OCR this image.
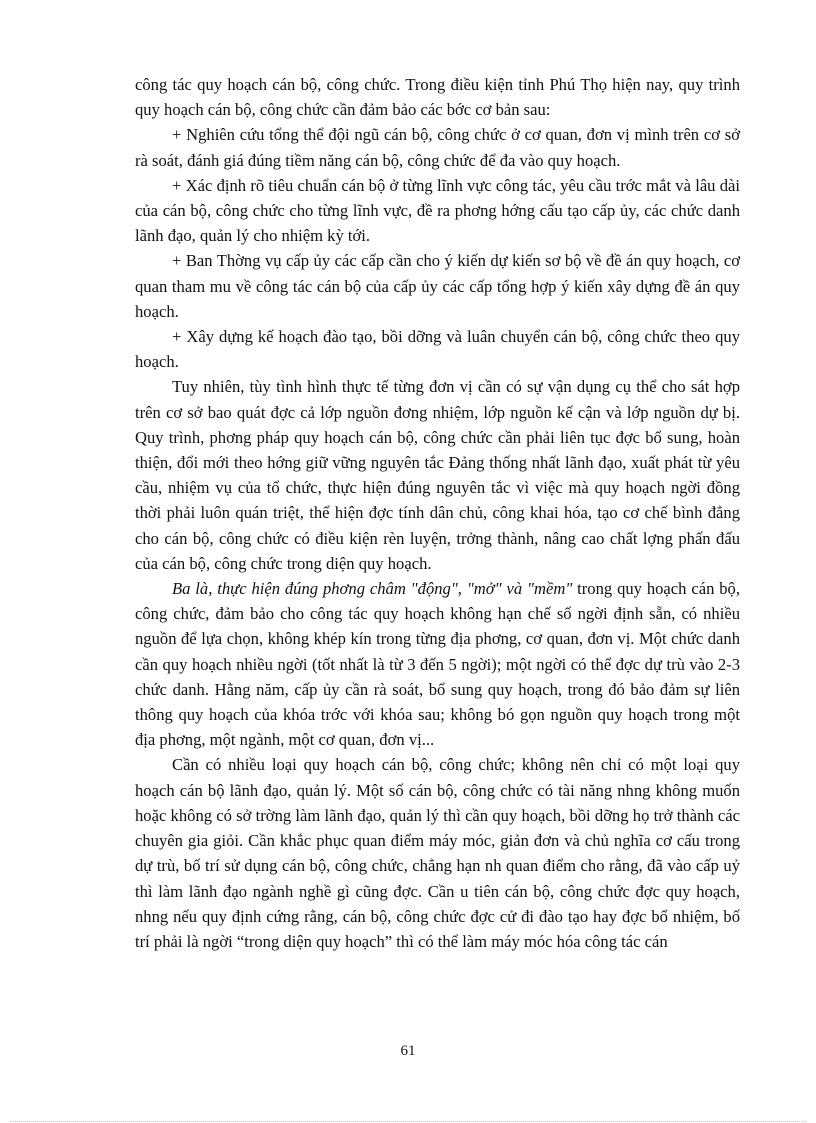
công tác quy hoạch cán bộ, công chức. Trong điều kiện tỉnh Phú Thọ hiện nay, quy trình quy hoạch cán bộ, công chức cần đảm bảo các bớc cơ bản sau:

+ Nghiên cứu tổng thể đội ngũ cán bộ, công chức ở cơ quan, đơn vị mình trên cơ sở rà soát, đánh giá đúng tiềm năng cán bộ, công chức để đa vào quy hoạch.

+ Xác định rõ tiêu chuẩn cán bộ ở từng lĩnh vực công tác, yêu cầu trớc mắt và lâu dài của cán bộ, công chức cho từng lĩnh vực, đề ra phơng hớng cấu tạo cấp ủy, các chức danh lãnh đạo, quản lý cho nhiệm kỳ tới.

+ Ban Thờng vụ cấp ủy các cấp cần cho ý kiến dự kiến sơ bộ về đề án quy hoạch, cơ quan tham mu về công tác cán bộ của cấp ủy các cấp tổng hợp ý kiến xây dựng đề án quy hoạch.

+ Xây dựng kế hoạch đào tạo, bồi dỡng và luân chuyển cán bộ, công chức theo quy hoạch.

Tuy nhiên, tùy tình hình thực tế từng đơn vị cần có sự vận dụng cụ thể cho sát hợp trên cơ sở bao quát đợc cả lớp nguồn đơng nhiệm, lớp nguồn kế cận và lớp nguồn dự bị. Quy trình, phơng pháp quy hoạch cán bộ, công chức cần phải liên tục đợc bổ sung, hoàn thiện, đổi mới theo hớng giữ vững nguyên tắc Đảng thống nhất lãnh đạo, xuất phát từ yêu cầu, nhiệm vụ của tổ chức, thực hiện đúng nguyên tắc vì việc mà quy hoạch ngời đồng thời phải luôn quán triệt, thể hiện đợc tính dân chủ, công khai hóa, tạo cơ chế bình đẳng cho cán bộ, công chức có điều kiện rèn luyện, trởng thành, nâng cao chất lợng phấn đấu của cán bộ, công chức trong diện quy hoạch.

Ba là, thực hiện đúng phơng châm "động", "mở" và "mềm" trong quy hoạch cán bộ, công chức, đảm bảo cho công tác quy hoạch không hạn chế số ngời định sẵn, có nhiều nguồn để lựa chọn, không khép kín trong từng địa phơng, cơ quan, đơn vị. Một chức danh cần quy hoạch nhiều ngời (tốt nhất là từ 3 đến 5 ngời); một ngời có thể đợc dự trù vào 2-3 chức danh. Hằng năm, cấp ủy cần rà soát, bổ sung quy hoạch, trong đó bảo đảm sự liên thông quy hoạch của khóa trớc với khóa sau; không bó gọn nguồn quy hoạch trong một địa phơng, một ngành, một cơ quan, đơn vị...

Cần có nhiều loại quy hoạch cán bộ, công chức; không nên chỉ có một loại quy hoạch cán bộ lãnh đạo, quản lý. Một số cán bộ, công chức có tài năng nhng không muốn hoặc không có sở trờng làm lãnh đạo, quản lý thì cần quy hoạch, bồi dỡng họ trở thành các chuyên gia giỏi. Cần khắc phục quan điểm máy móc, giản đơn và chủ nghĩa cơ cấu trong dự trù, bố trí sử dụng cán bộ, công chức, chẳng hạn nh quan điểm cho rằng, đã vào cấp uỷ thì làm lãnh đạo ngành nghề gì cũng đợc. Cần u tiên cán bộ, công chức đợc quy hoạch, nhng nếu quy định cứng rằng, cán bộ, công chức đợc cử đi đào tạo hay đợc bổ nhiệm, bố trí phải là ngời “trong diện quy hoạch” thì có thể làm máy móc hóa công tác cán

61
